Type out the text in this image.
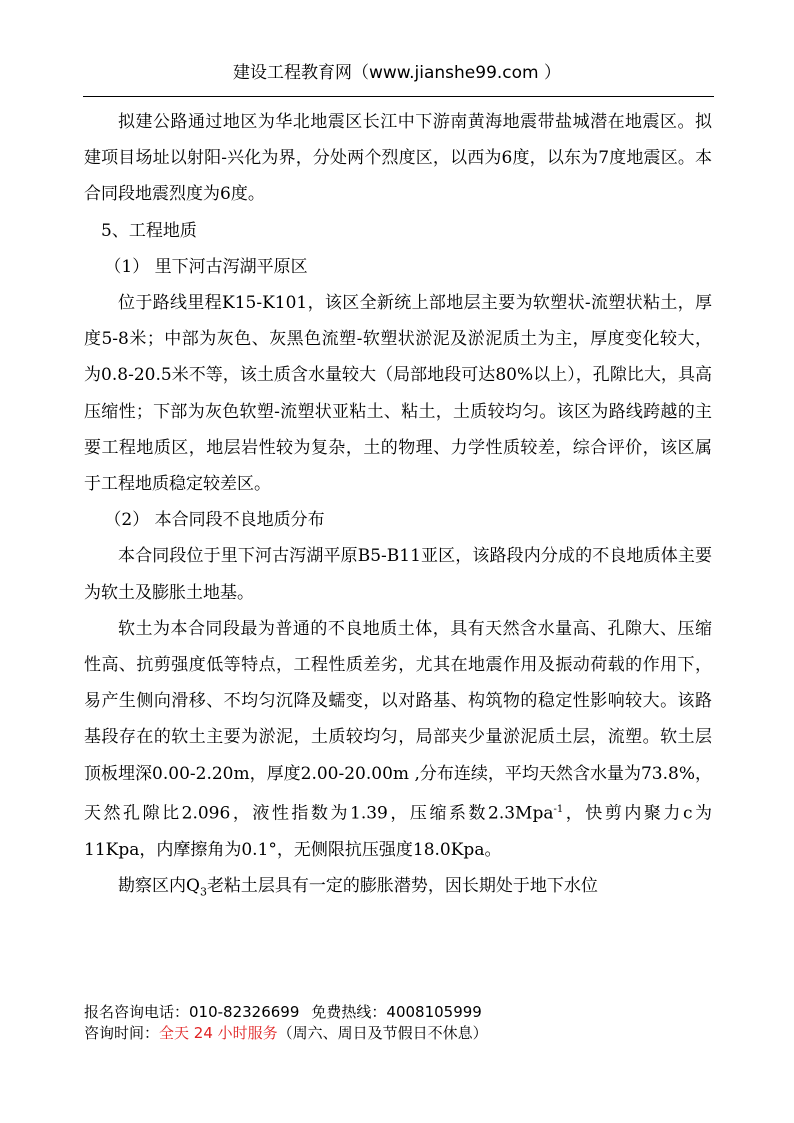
建设工程教育网（www.jianshe99.com ）

拟建公路通过地区为华北地震区长江中下游南黄海地震带盐城潜在地震区。拟建项目场址以射阳-兴化为界，分处两个烈度区，以西为6度，以东为7度地震区。本合同段地震烈度为6度。

5、工程地质

（1） 里下河古泻湖平原区

位于路线里程K15-K101，该区全新统上部地层主要为软塑状-流塑状粘土，厚度5-8米；中部为灰色、灰黑色流塑-软塑状淤泥及淤泥质土为主，厚度变化较大，为0.8-20.5米不等，该土质含水量较大（局部地段可达80%以上），孔隙比大，具高压缩性；下部为灰色软塑-流塑状亚粘土、粘土，土质较均匀。该区为路线跨越的主要工程地质区，地层岩性较为复杂，土的物理、力学性质较差，综合评价，该区属于工程地质稳定较差区。

（2） 本合同段不良地质分布

本合同段位于里下河古泻湖平原B5-B11亚区，该路段内分成的不良地质体主要为软土及膨胀土地基。

软土为本合同段最为普通的不良地质土体，具有天然含水量高、孔隙大、压缩性高、抗剪强度低等特点，工程性质差劣，尤其在地震作用及振动荷载的作用下，易产生侧向滑移、不均匀沉降及蠕变，以对路基、构筑物的稳定性影响较大。该路基段存在的软土主要为淤泥，土质较均匀，局部夹少量淤泥质土层，流塑。软土层顶板埋深0.00-2.20m，厚度2.00-20.00m ,分布连续，平均天然含水量为73.8%，天然孔隙比2.096，液性指数为1.39，压缩系数2.3Mpa$^{-1}$，快剪内聚力c为11Kpa，内摩擦角为0.1°，无侧限抗压强度18.0Kpa。

勘察区内$Q_3$老粘土层具有一定的膨胀潜势，因长期处于地下水位

报名咨询电话：010-82326699 免费热线：4008105999
咨询时间：全天 24 小时服务（周六、周日及节假日不休息）
